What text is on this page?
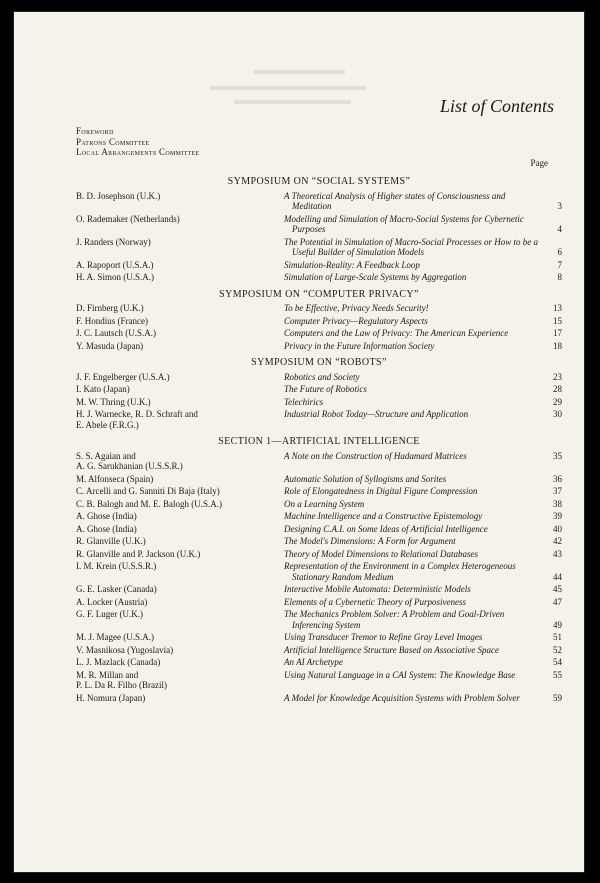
▬▬▬▬▬▬▬
▬▬▬▬▬▬▬▬▬▬▬▬
▬▬▬▬▬▬▬▬▬	List of Contents
Foreword
Patrons Committee
Local Arrangements Committee
Page
SYMPOSIUM ON “SOCIAL SYSTEMS”
B. D. Josephson (U.K.)	A Theoretical Analysis of Higher states of Consciousness and Meditation	3
O. Rademaker (Netherlands)	Modelling and Simulation of Macro-Social Systems for Cybernetic Purposes	4
J. Randers (Norway)	The Potential in Simulation of Macro-Social Processes or How to be a Useful Builder of Simulation Models	6
A. Rapoport (U.S.A.)	Simulation-Reality: A Feedback Loop	7
H. A. Simon (U.S.A.)	Simulation of Large-Scale Systems by Aggregation	8
SYMPOSIUM ON “COMPUTER PRIVACY”
D. Firnberg (U.K.)	To be Effective, Privacy Needs Security!	13
F. Hondius (France)	Computer Privacy—Regulatory Aspects	15
J. C. Lautsch (U.S.A.)	Computers and the Law of Privacy: The American Experience	17
Y. Masuda (Japan)	Privacy in the Future Information Society	18
SYMPOSIUM ON “ROBOTS”
J. F. Engelberger (U.S.A.)	Robotics and Society	23
I. Kato (Japan)	The Future of Robotics	28
M. W. Thring (U.K.)	Telechirics	29
H. J. Warnecke, R. D. Schraft and
E. Abele (F.R.G.)
Industrial Robot Today—Structure and Application	30
SECTION 1—ARTIFICIAL INTELLIGENCE
S. S. Agaian and
A. G. Sarukhanian (U.S.S.R.)
A Note on the Construction of Hadamard Matrices	35
M. Alfonseca (Spain)	Automatic Solution of Syllogisms and Sorites	36
C. Arcelli and G. Sanniti Di Baja (Italy)	Role of Elongatedness in Digital Figure Compression	37
C. B. Balogh and M. E. Balogh (U.S.A.)	On a Learning System	38
A. Ghose (India)	Machine Intelligence and a Constructive Epistemology	39
A. Ghose (India)	Designing C.A.I. on Some Ideas of Artificial Intelligence	40
R. Glanville (U.K.)	The Model's Dimensions: A Form for Argument	42
R. Glanville and P. Jackson (U.K.)	Theory of Model Dimensions to Relational Databases	43
I. M. Krein (U.S.S.R.)	Representation of the Environment in a Complex Heterogeneous Stationary Random Medium	44
G. E. Lasker (Canada)	Interactive Mobile Automata: Deterministic Models	45
A. Locker (Austria)	Elements of a Cybernetic Theory of Purposiveness	47
G. F. Luger (U.K.)	The Mechanics Problem Solver: A Problem and Goal-Driven Inferencing System	49
M. J. Magee (U.S.A.)	Using Transducer Tremor to Refine Gray Level Images	51
V. Masnikosa (Yugoslavia)	Artificial Intelligence Structure Based on Associative Space	52
L. J. Mazlack (Canada)	An AI Archetype	54
M. R. Millan and
P. L. Da R. Filho (Brazil)
Using Natural Language in a CAI System: The Knowledge Base	55
H. Nomura (Japan)	A Model for Knowledge Acquisition Systems with Problem Solver	59
